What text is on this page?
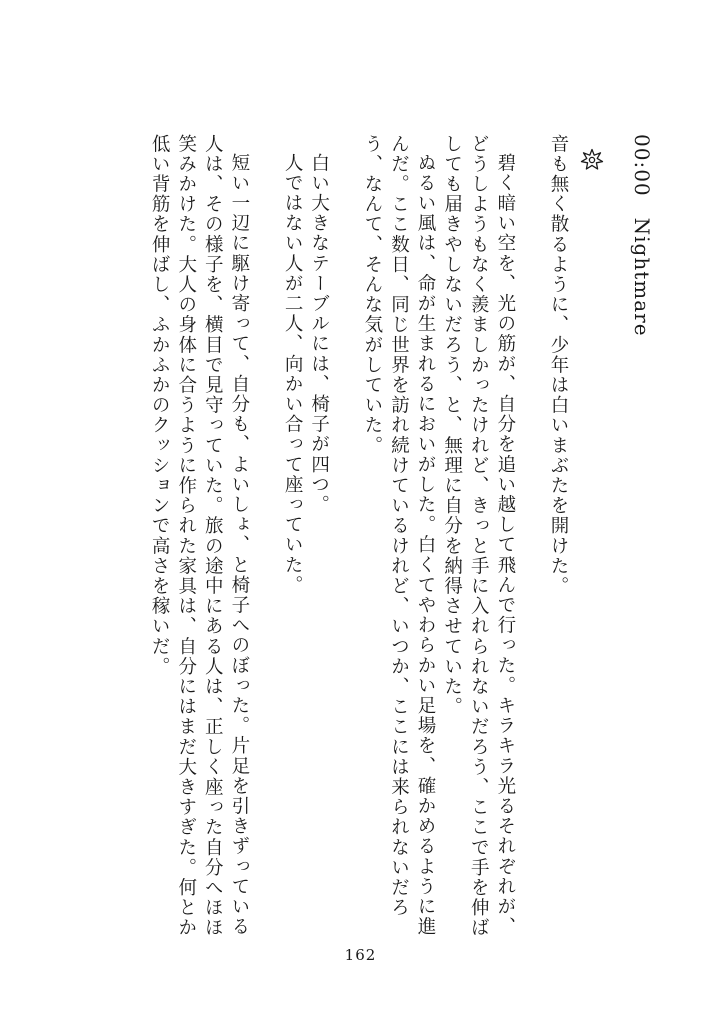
00:00　Nightmare

音も無く散るように、少年は白いまぶたを開けた。

碧く暗い空を、光の筋が、自分を追い越して飛んで行った。キラキラ光るそれぞれが、どうしようもなく羨ましかったけれど、きっと手に入れられないだろう、ここで手を伸ばしても届きやしないだろう、と、無理に自分を納得させていた。

ぬるい風は、命が生まれるにおいがした。白くてやわらかい足場を、確かめるように進んだ。ここ数日、同じ世界を訪れ続けているけれど、いつか、ここには来られないだろう、なんて、そんな気がしていた。

白い大きなテーブルには、椅子が四つ。

人ではない人が二人、向かい合って座っていた。

短い一辺に駆け寄って、自分も、よいしょ、と椅子へのぼった。片足を引きずっている人は、その様子を、横目で見守っていた。旅の途中にある人は、正しく座った自分へほほ笑みかけた。大人の身体に合うように作られた家具は、自分にはまだ大きすぎた。何とか低い背筋を伸ばし、ふかふかのクッションで高さを稼いだ。

162
